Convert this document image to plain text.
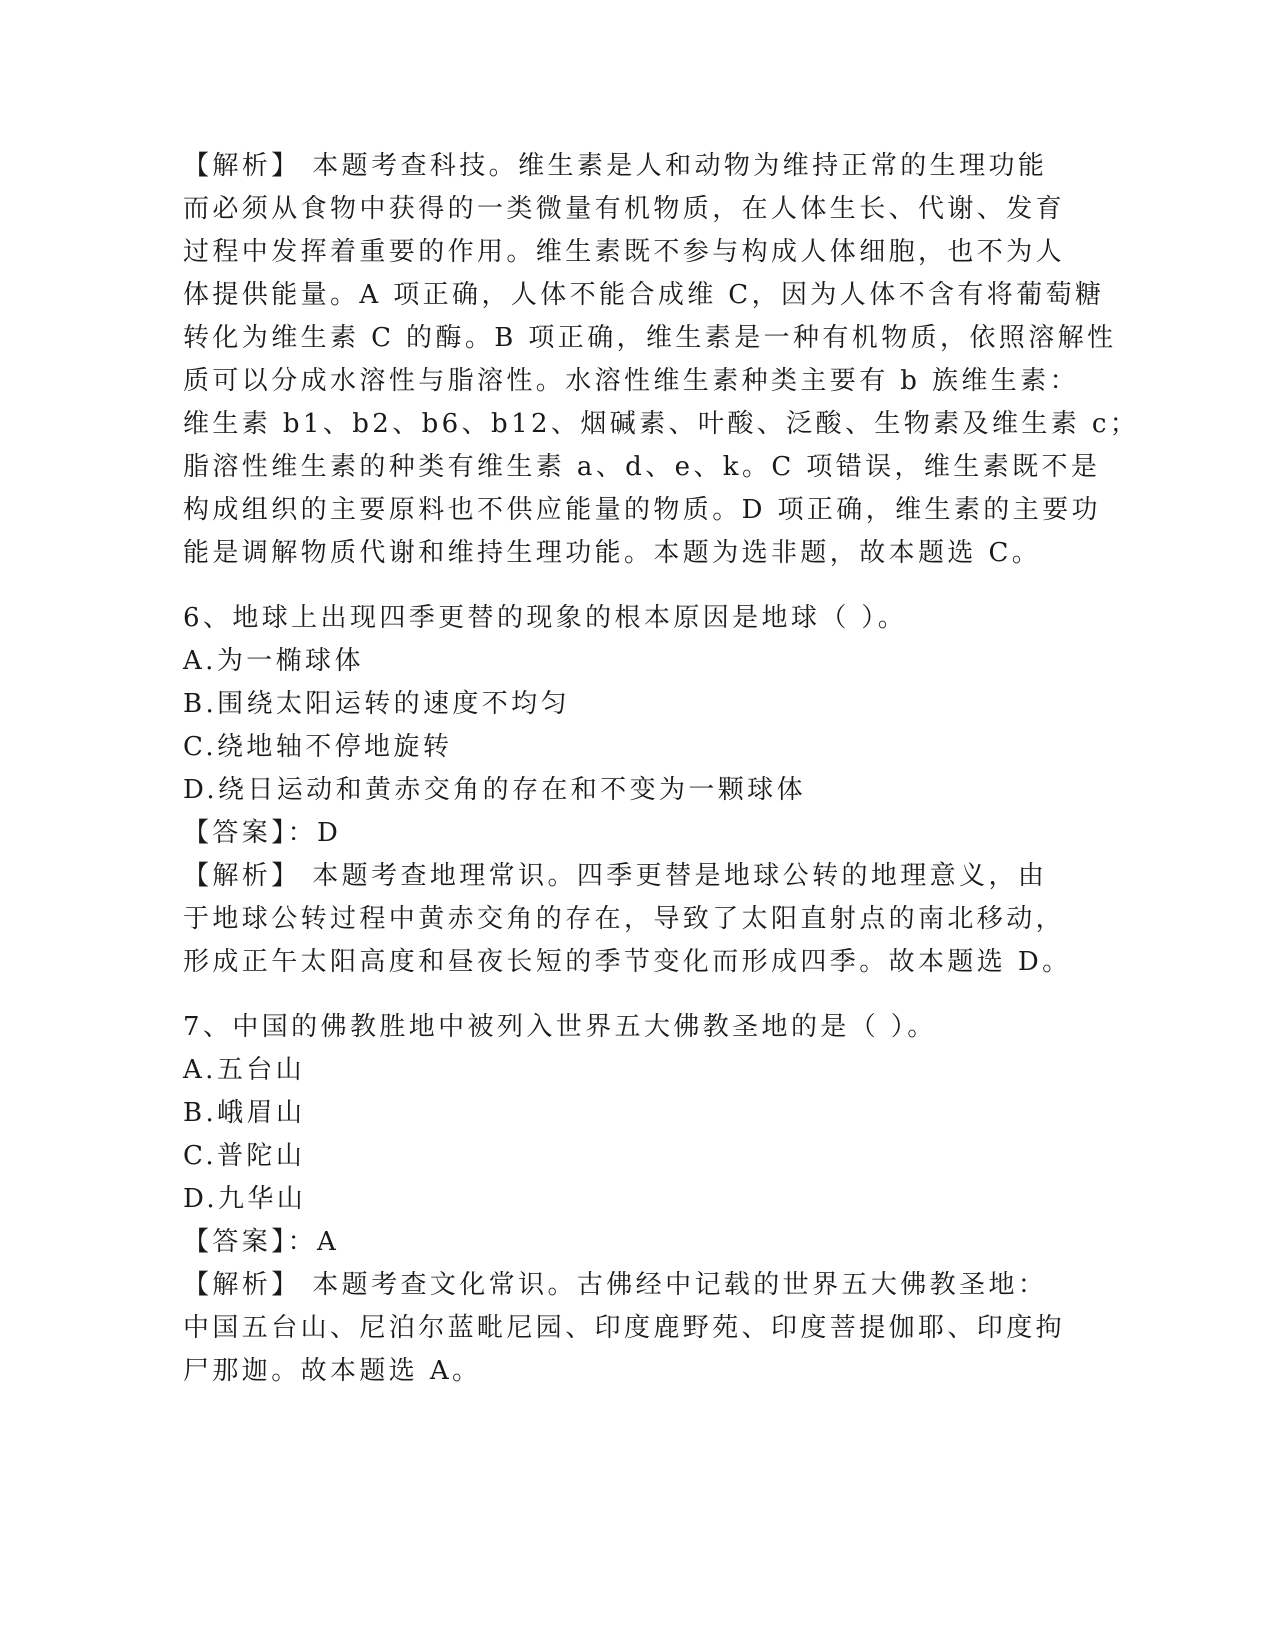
【解析】 本题考查科技。维生素是人和动物为维持正常的生理功能
而必须从食物中获得的一类微量有机物质，在人体生长、代谢、发育
过程中发挥着重要的作用。维生素既不参与构成人体细胞，也不为人
体提供能量。A 项正确，人体不能合成维 C，因为人体不含有将葡萄糖
转化为维生素 C 的酶。B 项正确，维生素是一种有机物质，依照溶解性
质可以分成水溶性与脂溶性。水溶性维生素种类主要有 b 族维生素：
维生素 b1、b2、b6、b12、烟碱素、叶酸、泛酸、生物素及维生素 c；
脂溶性维生素的种类有维生素 a、d、e、k。C 项错误，维生素既不是
构成组织的主要原料也不供应能量的物质。D 项正确，维生素的主要功
能是调解物质代谢和维持生理功能。本题为选非题，故本题选 C。
6、地球上出现四季更替的现象的根本原因是地球（ ）。
A.为一椭球体
B.围绕太阳运转的速度不均匀
C.绕地轴不停地旋转
D.绕日运动和黄赤交角的存在和不变为一颗球体
【答案】：D
【解析】 本题考查地理常识。四季更替是地球公转的地理意义，由
于地球公转过程中黄赤交角的存在，导致了太阳直射点的南北移动，
形成正午太阳高度和昼夜长短的季节变化而形成四季。故本题选 D。
7、中国的佛教胜地中被列入世界五大佛教圣地的是（ ）。
A.五台山
B.峨眉山
C.普陀山
D.九华山
【答案】：A
【解析】 本题考查文化常识。古佛经中记载的世界五大佛教圣地：
中国五台山、尼泊尔蓝毗尼园、印度鹿野苑、印度菩提伽耶、印度拘
尸那迦。故本题选 A。
